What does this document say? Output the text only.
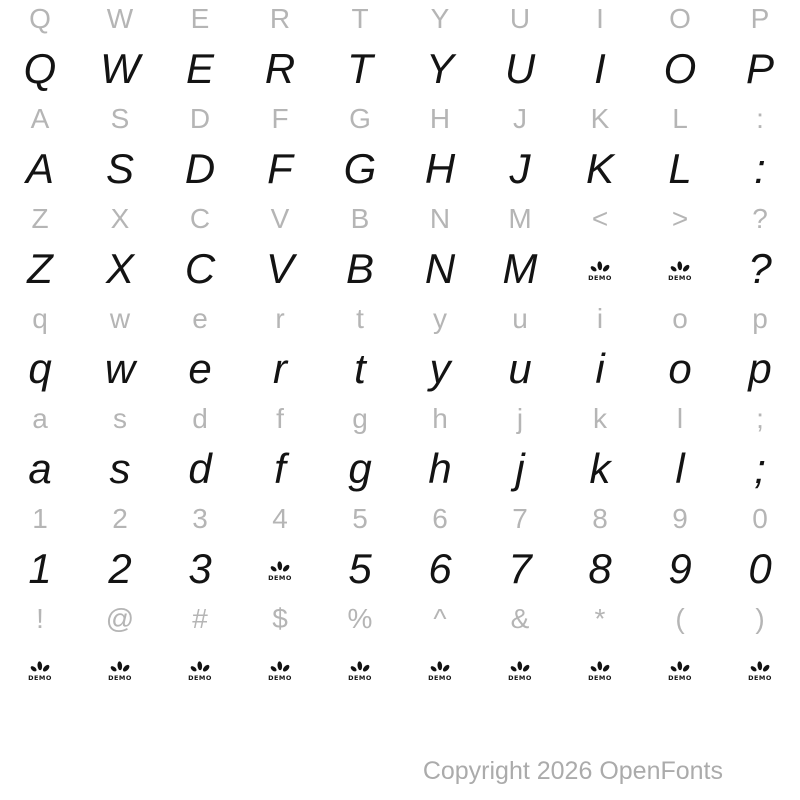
Q W E R T Y U I O P
Q W E R T Y U I O P
A S D F G H J K L :
A S D F G H J K L :
Z X C V B N M < > ?
Z X C V B N M	DEMO	DEMO ?
q w e r	t y u i o p
q w e r t y u i o p
a s d f g h j k l	;
a s d f g h j k l ;
1 2 3 4 5 6 7 8 9 0
1 2 3	DEMO 5 6 7 8 9 0
! @ # $ % ^ & * (	)
DEMO	DEMO	DEMO	DEMO	DEMO	DEMO	DEMO	DEMO	DEMO	DEMO
Copyright 2026 OpenFonts
